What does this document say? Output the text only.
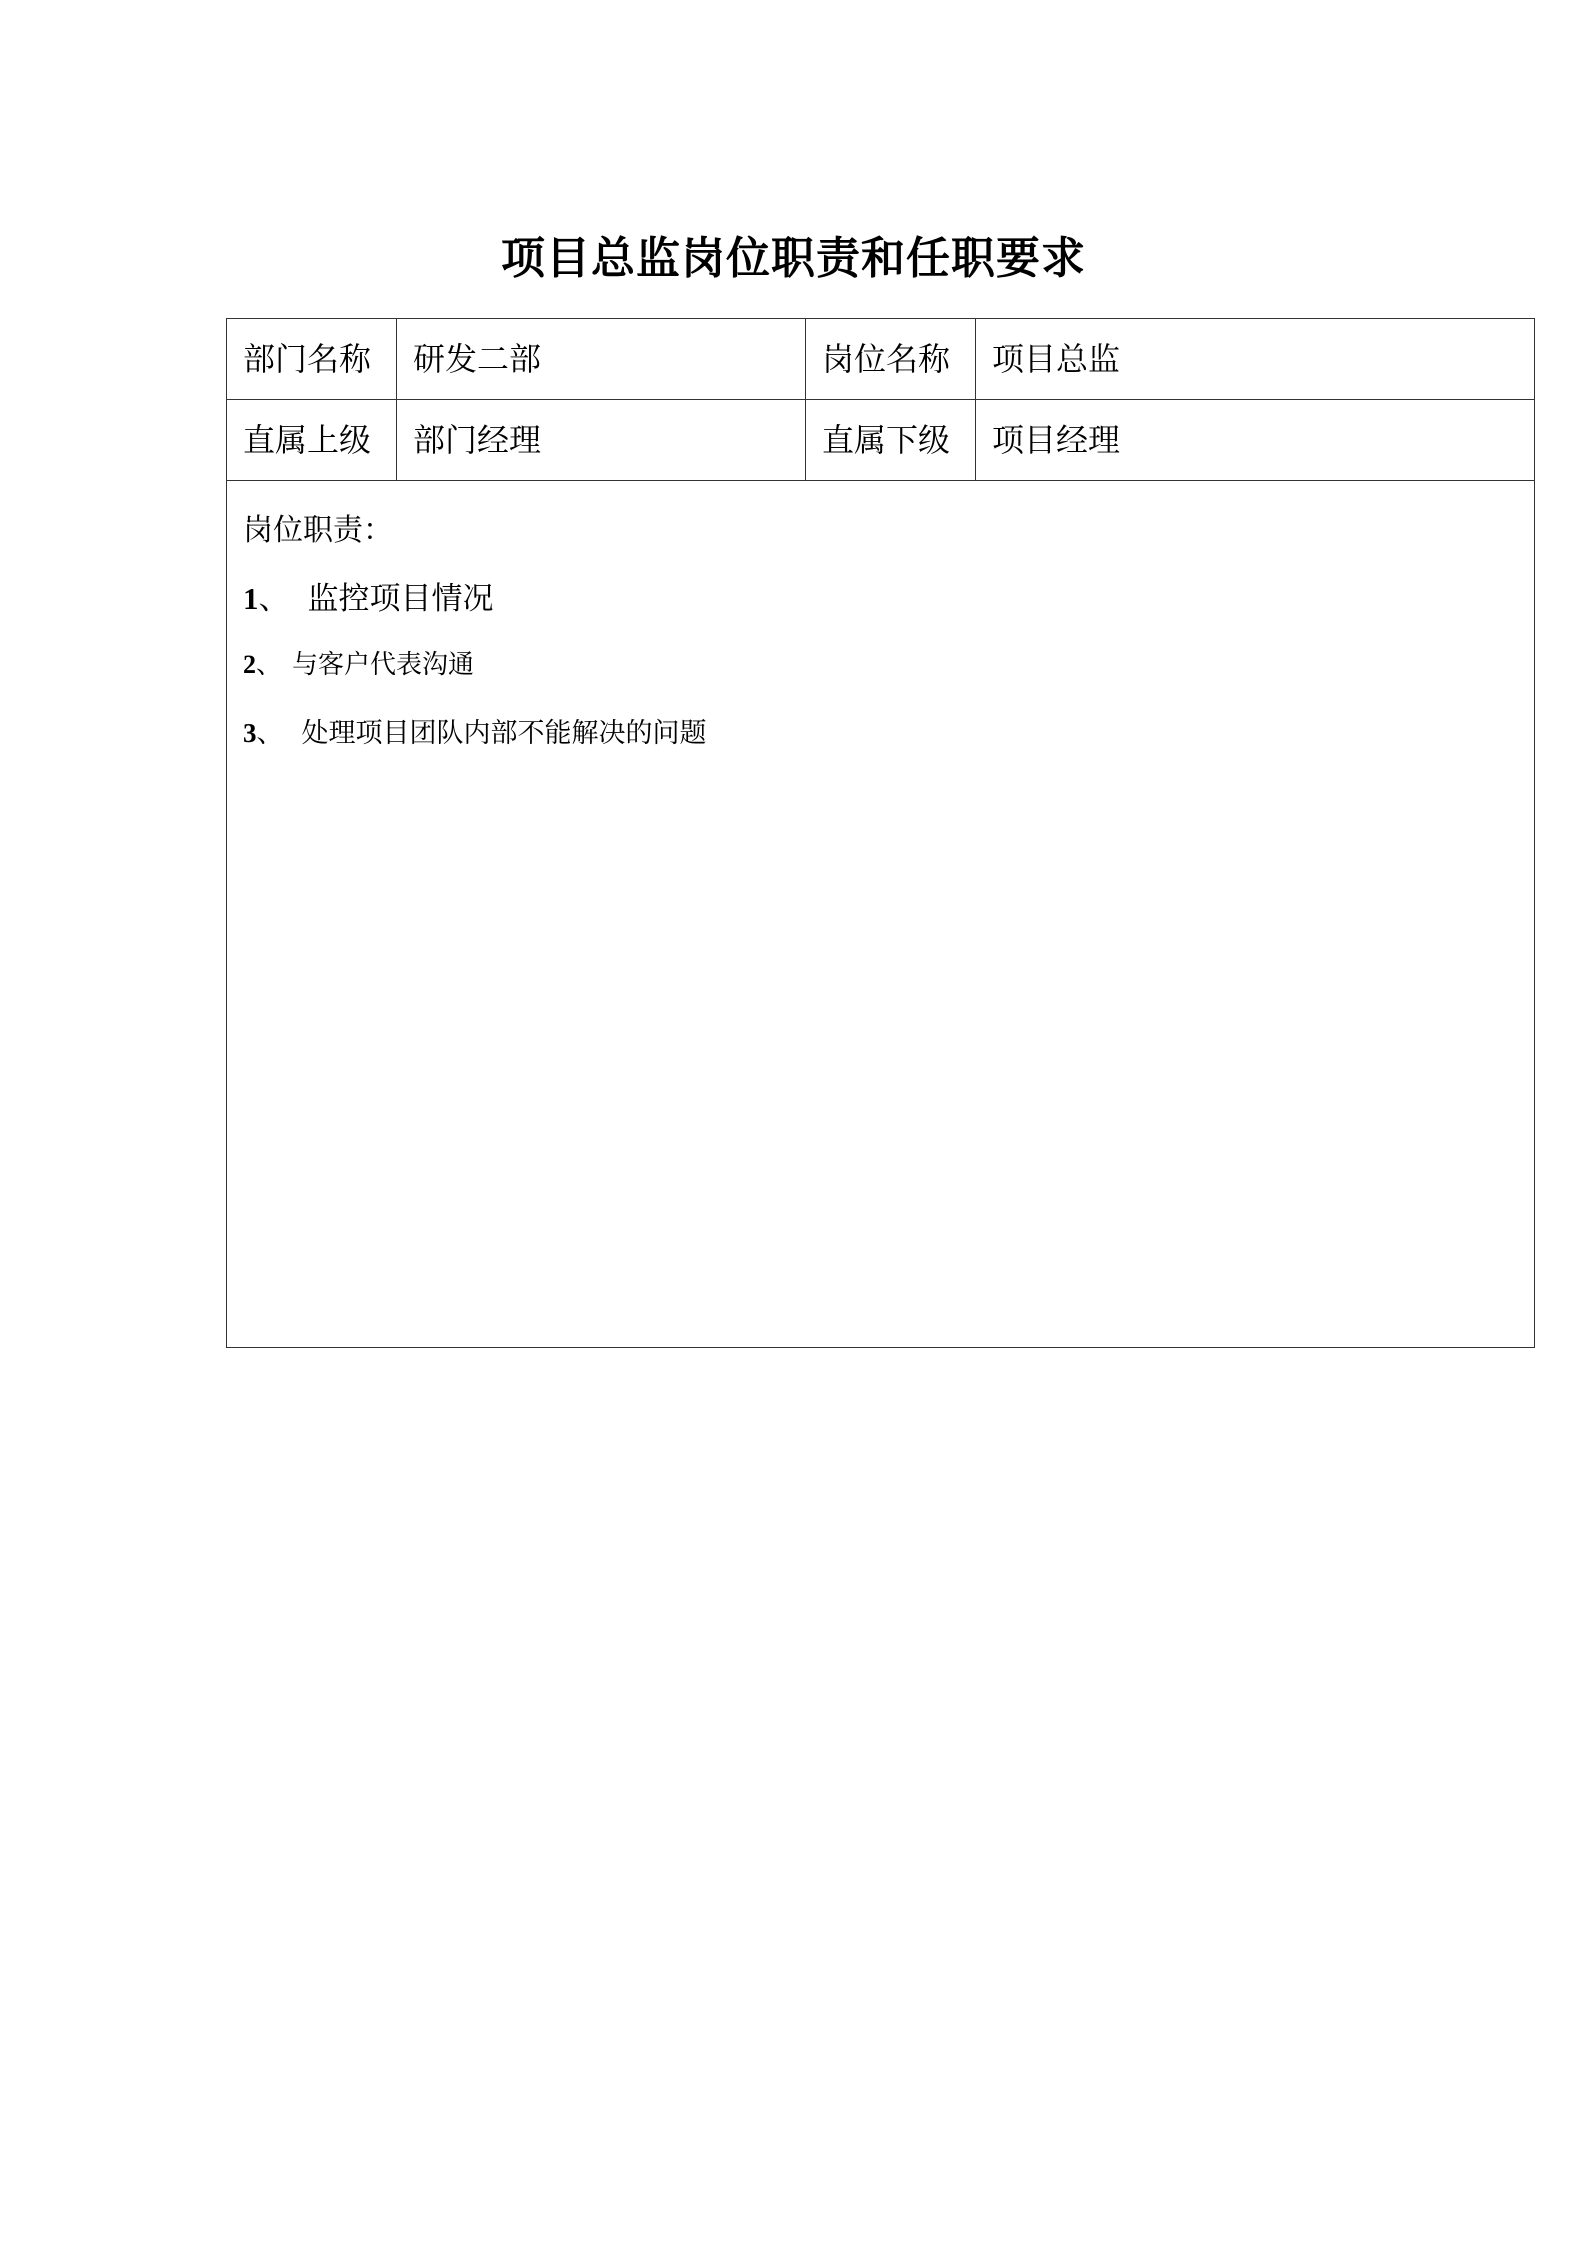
项目总监岗位职责和任职要求
部门名称	研发二部	岗位名称	项目总监
直属上级	部门经理	直属下级	项目经理
岗位职责：
1、 监控项目情况
2、 与客户代表沟通
3、 处理项目团队内部不能解决的问题
